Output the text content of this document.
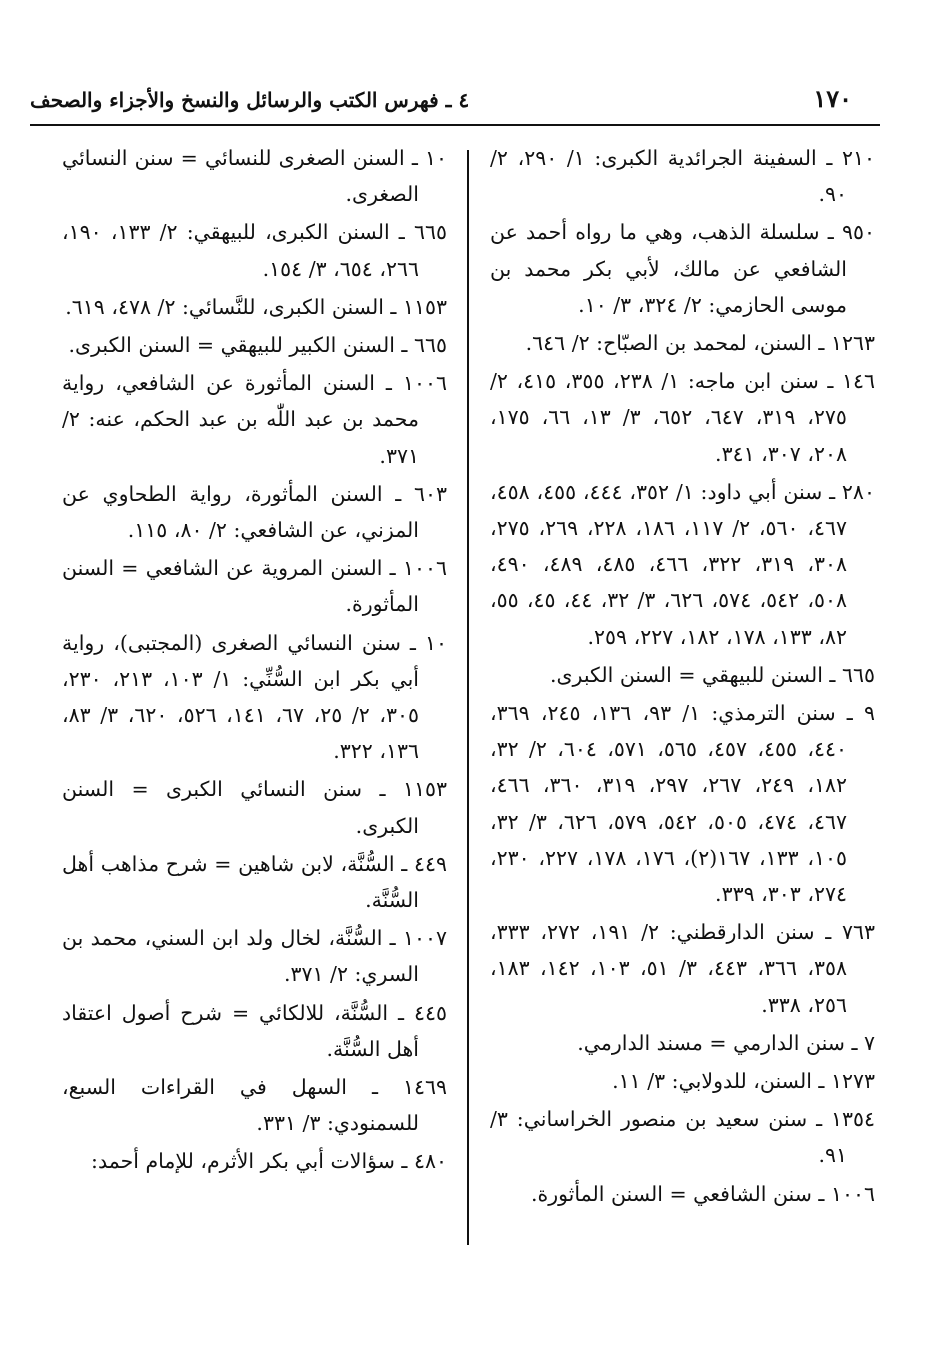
١٧٠
٤ ـ فهرس الكتب والرسائل والنسخ والأجزاء والصحف

٢١٠ ـ السفينة الجرائدية الكبرى: ١/ ٢٩٠، ٢/ ٩٠.

٩٥٠ ـ سلسلة الذهب، وهي ما رواه أحمد عن الشافعي عن مالك، لأبي بكر محمد بن موسى الحازمي: ٢/ ٣٢٤، ٣/ ١٠.

١٢٦٣ ـ السنن، لمحمد بن الصبّاح: ٢/ ٦٤٦.

١٤٦ ـ سنن ابن ماجه: ١/ ٢٣٨، ٣٥٥، ٤١٥، ٢/ ٢٧٥، ٣١٩، ٦٤٧، ٦٥٢، ٣/ ١٣، ٦٦، ١٧٥، ٢٠٨، ٣٠٧، ٣٤١.

٢٨٠ ـ سنن أبي داود: ١/ ٣٥٢، ٤٤٤، ٤٥٥، ٤٥٨، ٤٦٧، ٥٦٠، ٢/ ١١٧، ١٨٦، ٢٢٨، ٢٦٩، ٢٧٥، ٣٠٨، ٣١٩، ٣٢٢، ٤٦٦، ٤٨٥، ٤٨٩، ٤٩٠، ٥٠٨، ٥٤٢، ٥٧٤، ٦٢٦، ٣/ ٣٢، ٤٤، ٤٥، ٥٥، ٨٢، ١٣٣، ١٧٨، ١٨٢، ٢٢٧، ٢٥٩.

٦٦٥ ـ السنن للبيهقي = السنن الكبرى.

٩ ـ سنن الترمذي: ١/ ٩٣، ١٣٦، ٢٤٥، ٣٦٩، ٤٤٠، ٤٥٥، ٤٥٧، ٥٦٥، ٥٧١، ٦٠٤، ٢/ ٣٢، ١٨٢، ٢٤٩، ٢٦٧، ٢٩٧، ٣١٩، ٣٦٠، ٤٦٦، ٤٦٧، ٤٧٤، ٥٠٥، ٥٤٢، ٥٧٩، ٦٢٦، ٣/ ٣٢، ١٠٥، ١٣٣، ١٦٧(٢)، ١٧٦، ١٧٨، ٢٢٧، ٢٣٠، ٢٧٤، ٣٠٣، ٣٣٩.

٧٦٣ ـ سنن الدارقطني: ٢/ ١٩١، ٢٧٢، ٣٣٣، ٣٥٨، ٣٦٦، ٤٤٣، ٣/ ٥١، ١٠٣، ١٤٢، ١٨٣، ٢٥٦، ٣٣٨.

٧ ـ سنن الدارمي = مسند الدارمي.

١٢٧٣ ـ السنن، للدولابي: ٣/ ١١.

١٣٥٤ ـ سنن سعيد بن منصور الخراساني: ٣/ ٩١.

١٠٠٦ ـ سنن الشافعي = السنن المأثورة.

١٠ ـ السنن الصغرى للنسائي = سنن النسائي الصغرى.

٦٦٥ ـ السنن الكبرى، للبيهقي: ٢/ ١٣٣، ١٩٠، ٢٦٦، ٦٥٤، ٣/ ١٥٤.

١١٥٣ ـ السنن الكبرى، للنَّسائي: ٢/ ٤٧٨، ٦١٩.

٦٦٥ ـ السنن الكبير للبيهقي = السنن الكبرى.

١٠٠٦ ـ السنن المأثورة عن الشافعي، رواية محمد بن عبد اللّٰه بن عبد الحكم، عنه: ٢/ ٣٧١.

٦٠٣ ـ السنن المأثورة، رواية الطحاوي عن المزني، عن الشافعي: ٢/ ٨٠، ١١٥.

١٠٠٦ ـ السنن المروية عن الشافعي = السنن المأثورة.

١٠ ـ سنن النسائي الصغرى (المجتبى)، رواية أبي بكر ابن السُّنِّي: ١/ ١٠٣، ٢١٣، ٢٣٠، ٣٠٥، ٢/ ٢٥، ٦٧، ١٤١، ٥٢٦، ٦٢٠، ٣/ ٨٣، ١٣٦، ٣٢٢.

١١٥٣ ـ سنن النسائي الكبرى = السنن الكبرى.

٤٤٩ ـ السُّنَّة، لابن شاهين = شرح مذاهب أهل السُّنَّة.

١٠٠٧ ـ السُّنَّة، لخال ولد ابن السني، محمد بن السري: ٢/ ٣٧١.

٤٤٥ ـ السُّنَّة، للالكائي = شرح أصول اعتقاد أهل السُّنَّة.

١٤٦٩ ـ السهل في القراءات السبع، للسمنودي: ٣/ ٣٣١.

٤٨٠ ـ سؤالات أبي بكر الأثرم، للإمام أحمد:
